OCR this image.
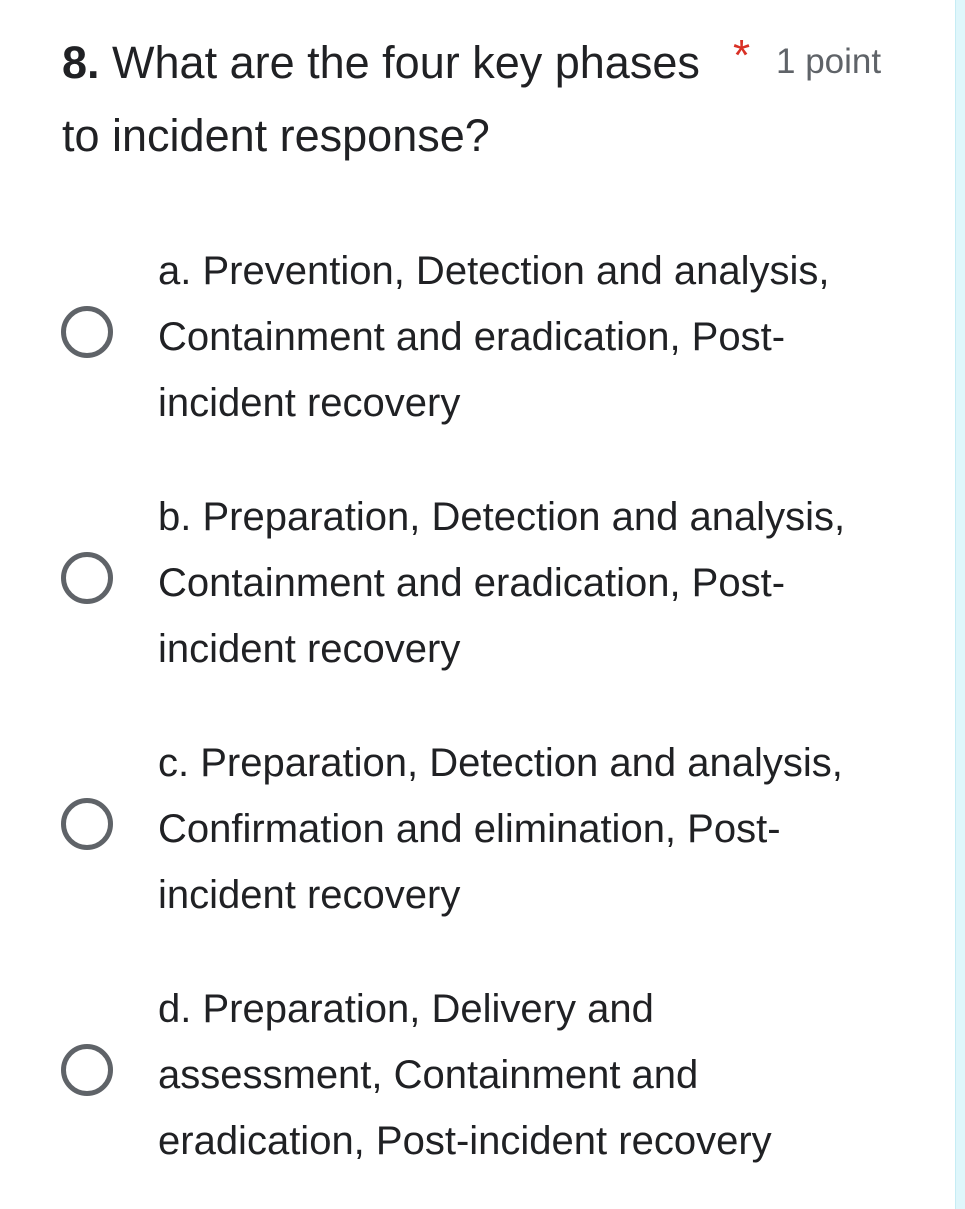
8. What are the four key phases to incident response?
* 1 point
a. Prevention, Detection and analysis, Containment and eradication, Post-incident recovery
b. Preparation, Detection and analysis, Containment and eradication, Post-incident recovery
c. Preparation, Detection and analysis, Confirmation and elimination, Post-incident recovery
d. Preparation, Delivery and assessment, Containment and eradication, Post-incident recovery
